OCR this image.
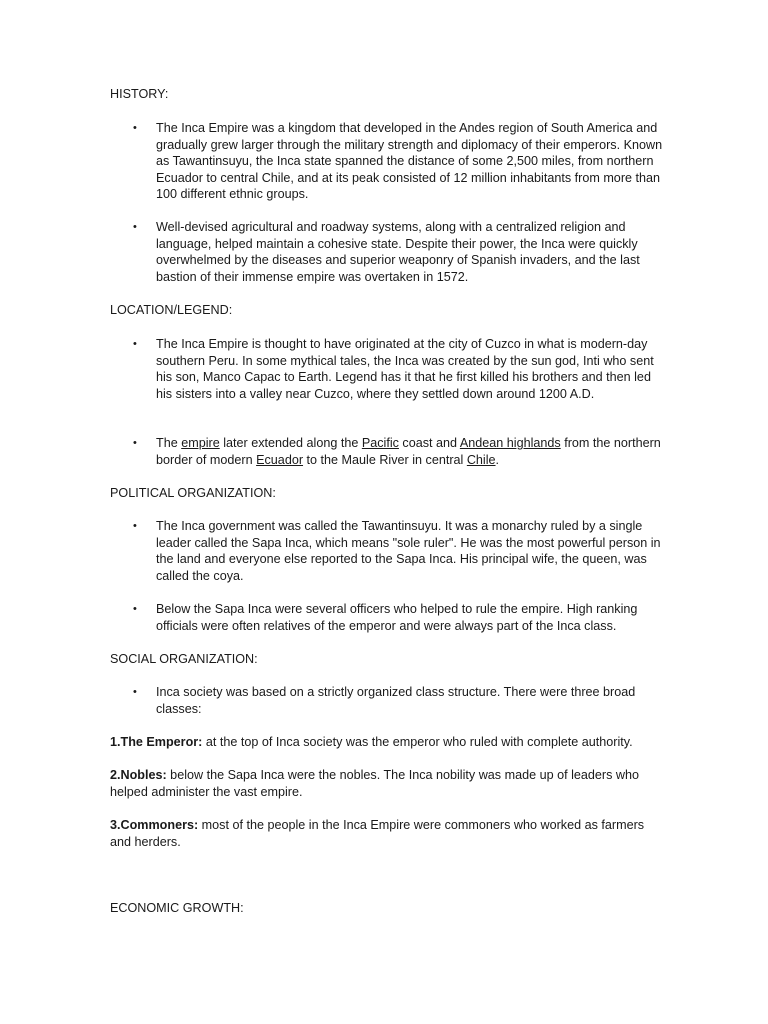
HISTORY:
•	The Inca Empire was a kingdom that developed in the Andes region of South America and gradually grew larger through the military strength and diplomacy of their emperors. Known as Tawantinsuyu, the Inca state spanned the distance of some 2,500 miles, from northern Ecuador to central Chile, and at its peak consisted of 12 million inhabitants from more than 100 different ethnic groups.

•	Well-devised agricultural and roadway systems, along with a centralized religion and language, helped maintain a cohesive state. Despite their power, the Inca were quickly overwhelmed by the diseases and superior weaponry of Spanish invaders, and the last bastion of their immense empire was overtaken in 1572.

LOCATION/LEGEND:
•	The Inca Empire is thought to have originated at the city of Cuzco in what is modern-day southern Peru. In some mythical tales, the Inca was created by the sun god, Inti who sent his son, Manco Capac to Earth. Legend has it that he first killed his brothers and then led his sisters into a valley near Cuzco, where they settled down around 1200 A.D.

•	The empire later extended along the Pacific coast and Andean highlands from the northern border of modern Ecuador to the Maule River in central Chile.

POLITICAL ORGANIZATION:
•	The Inca government was called the Tawantinsuyu. It was a monarchy ruled by a single leader called the Sapa Inca, which means "sole ruler". He was the most powerful person in the land and everyone else reported to the Sapa Inca. His principal wife, the queen, was called the coya.

•	Below the Sapa Inca were several officers who helped to rule the empire. High ranking officials were often relatives of the emperor and were always part of the Inca class.

SOCIAL ORGANIZATION:
•	Inca society was based on a strictly organized class structure. There were three broad classes:

1.The Emperor: at the top of Inca society was the emperor who ruled with complete authority.

2.Nobles: below the Sapa Inca were the nobles. The Inca nobility was made up of leaders who helped administer the vast empire.

3.Commoners: most of the people in the Inca Empire were commoners who worked as farmers and herders.

ECONOMIC GROWTH:
